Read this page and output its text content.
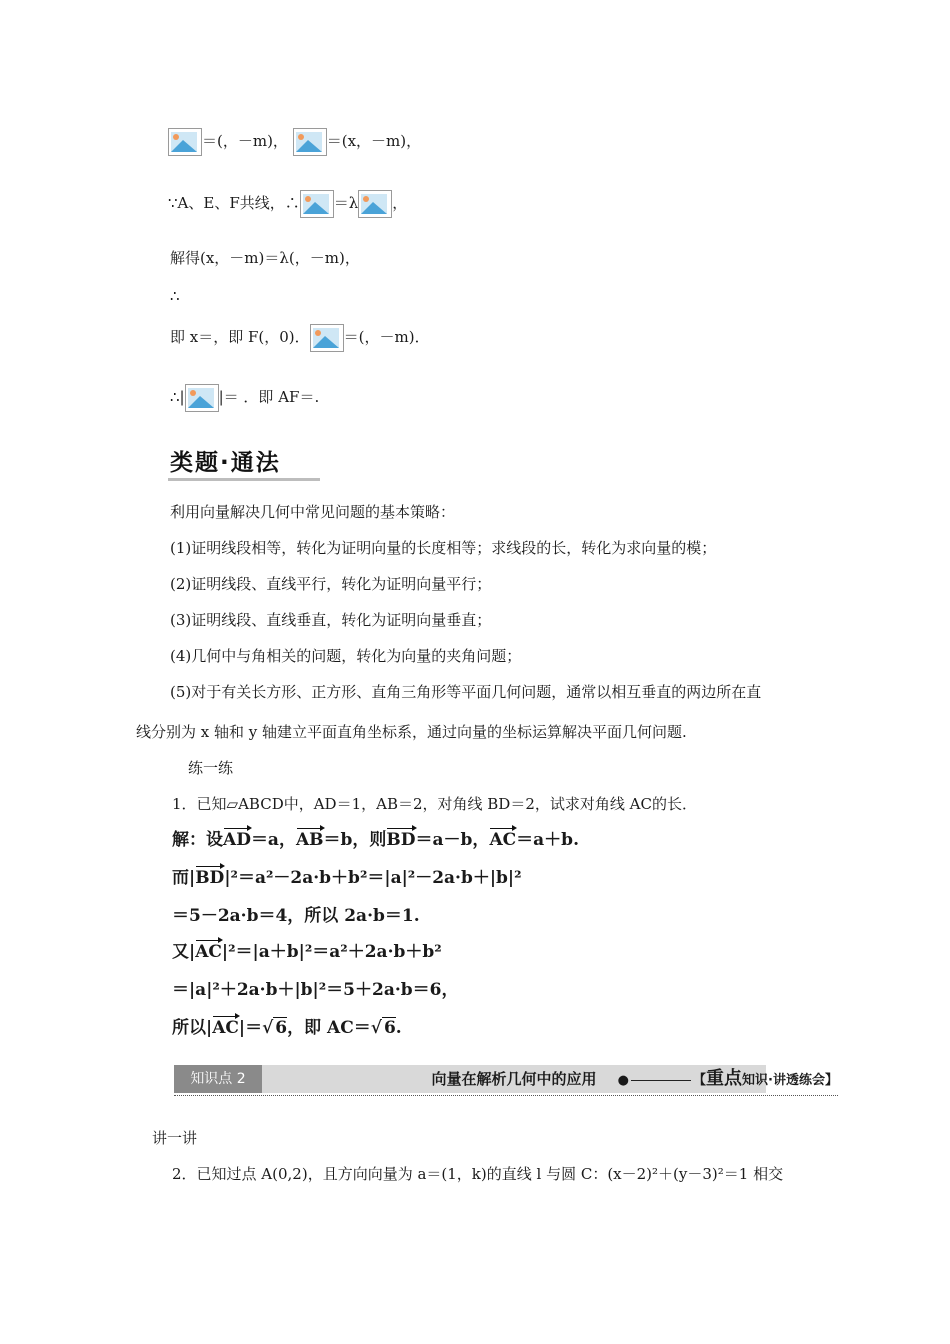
＝(，－m)，	＝(x，－m)，
∵A、E、F共线，∴ ＝λ ，
解得(x，－m)＝λ(，－m)，
∴
即 x＝，即 F(，0)． ＝(，－m)．
∴| |＝ ．即 AF＝.
类题·通法
利用向量解决几何中常见问题的基本策略：
(1)证明线段相等，转化为证明向量的长度相等；求线段的长，转化为求向量的模；
(2)证明线段、直线平行，转化为证明向量平行；
(3)证明线段、直线垂直，转化为证明向量垂直；
(4)几何中与角相关的问题，转化为向量的夹角问题；
(5)对于有关长方形、正方形、直角三角形等平面几何问题，通常以相互垂直的两边所在直
线分别为 x 轴和 y 轴建立平面直角坐标系，通过向量的坐标运算解决平面几何问题.
练一练
1．已知▱ABCD中，AD＝1，AB＝2，对角线 BD＝2，试求对角线 AC的长．
解：设AD＝a，AB＝b，则BD＝a－b，AC＝a＋b.
而|BD|²＝a²－2a·b＋b²＝|a|²－2a·b＋|b|²
＝5－2a·b＝4，所以 2a·b＝1.
又|AC|²＝|a＋b|²＝a²＋2a·b＋b²
＝|a|²＋2a·b＋|b|²＝5＋2a·b＝6，
所以|AC|＝√ 6，即 AC＝√ 6.
知识点 2	向量在解析几何中的应用	●	【重点知识·讲透练会】
讲一讲
2．已知过点 A(0,2)，且方向向量为 a＝(1，k)的直线 l 与圆 C：(x－2)²＋(y－3)²＝1 相交
